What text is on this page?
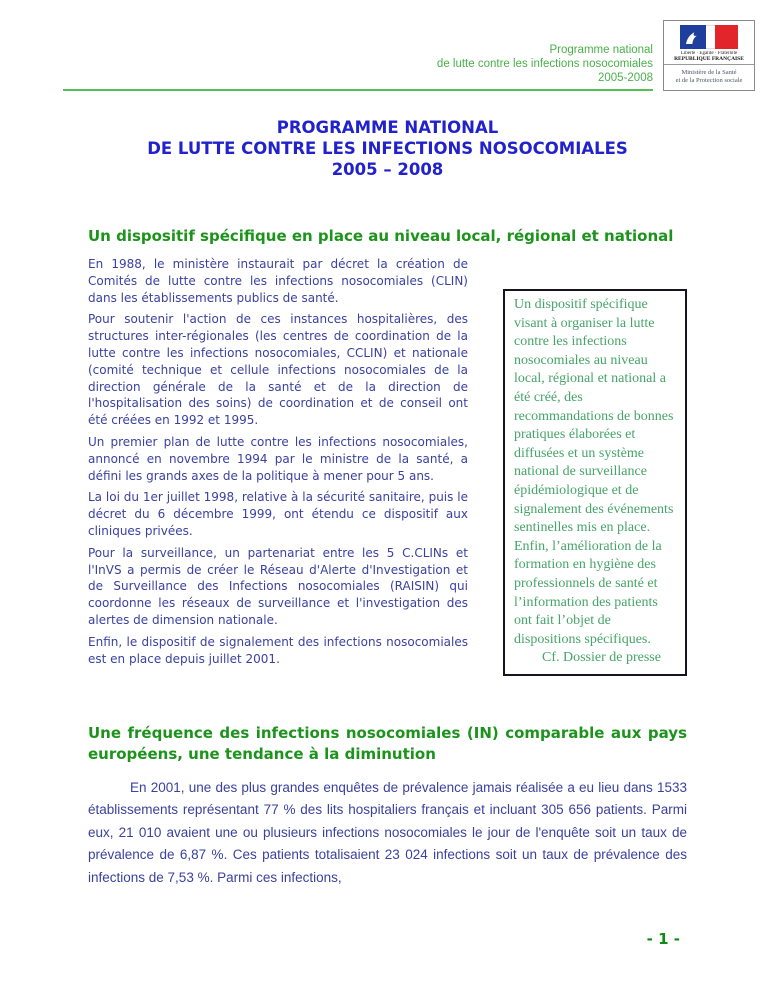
Programme national
de lutte contre les infections nosocomiales
2005-2008
Liberté · Égalité · Fraternité
RÉPUBLIQUE FRANÇAISE
Ministère de la Santé
et de la Protection sociale
PROGRAMME NATIONAL
DE LUTTE CONTRE LES INFECTIONS NOSOCOMIALES
2005 – 2008
Un dispositif spécifique en place au niveau local, régional et national

En 1988, le ministère instaurait par décret la création de Comités de lutte contre les infections nosocomiales (CLIN) dans les établissements publics de santé.

Pour soutenir l'action de ces instances hospitalières, des structures inter-régionales (les centres de coordination de la lutte contre les infections nosocomiales, CCLIN) et nationale (comité technique et cellule infections nosocomiales de la direction générale de la santé et de la direction de l'hospitalisation des soins) de coordination et de conseil ont été créées en 1992 et 1995.

Un premier plan de lutte contre les infections nosocomiales, annoncé en novembre 1994 par le ministre de la santé, a défini les grands axes de la politique à mener pour 5 ans.

La loi du 1er juillet 1998, relative à la sécurité sanitaire, puis le décret du 6 décembre 1999, ont étendu ce dispositif aux cliniques privées.

Pour la surveillance, un partenariat entre les 5 C.CLINs et l'InVS a permis de créer le Réseau d'Alerte d'Investigation et de Surveillance des Infections nosocomiales (RAISIN) qui coordonne les réseaux de surveillance et l'investigation des alertes de dimension nationale.

Enfin, le dispositif de signalement des infections nosocomiales est en place depuis juillet 2001.

Un dispositif spécifique visant à organiser la lutte contre les infections nosocomiales au niveau local, régional et national a été créé, des recommandations de bonnes pratiques élaborées et diffusées et un système national de surveillance épidémiologique et de signalement des événements sentinelles mis en place. Enfin, l’amélioration de la formation en hygiène des professionnels de santé et l’information des patients ont fait l’objet de dispositions spécifiques.
Cf. Dossier de presse
Une fréquence des infections nosocomiales (IN) comparable aux pays européens, une tendance à la diminution
En 2001, une des plus grandes enquêtes de prévalence jamais réalisée a eu lieu dans 1533 établissements représentant 77 % des lits hospitaliers français et incluant 305 656 patients. Parmi eux, 21 010 avaient une ou plusieurs infections nosocomiales le jour de l'enquête soit un taux de prévalence de 6,87 %. Ces patients totalisaient 23 024 infections soit un taux de prévalence des infections de 7,53 %. Parmi ces infections,
- 1 -
